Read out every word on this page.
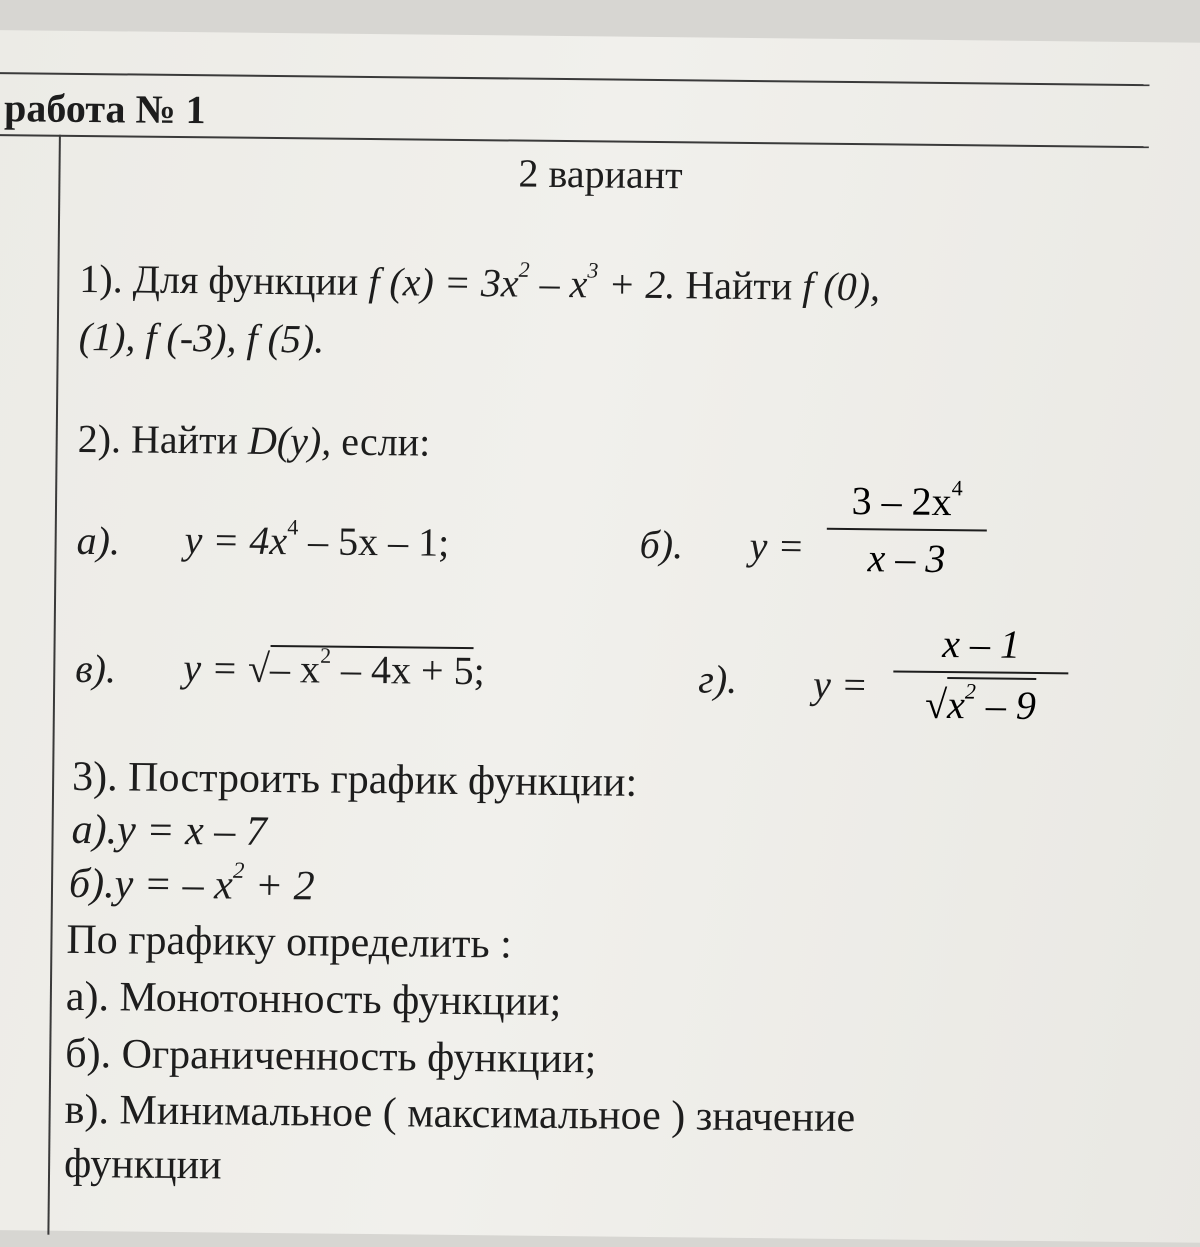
работа № 1
2 вариант
1). Для функции f $(x) = 3x^2 - x^3 + 2$. Найти f (0),
(1), f (-3), f (5).
2). Найти D(y), если:
а). $y = 4x^4 - 5x - 1$;	б). y =
$3 - 2x^4$
x – 3
в). y = √– $x^2 - 4x + 5$;	г). y =
x – 1
$√x^2 - 9$
3). Построить график функции:
а).y = x – 7
б).y = – $x^2 + 2$
По графику определить :
а). Монотонность функции;
б). Ограниченность функции;
в). Минимальное ( максимальное ) значение
функции
